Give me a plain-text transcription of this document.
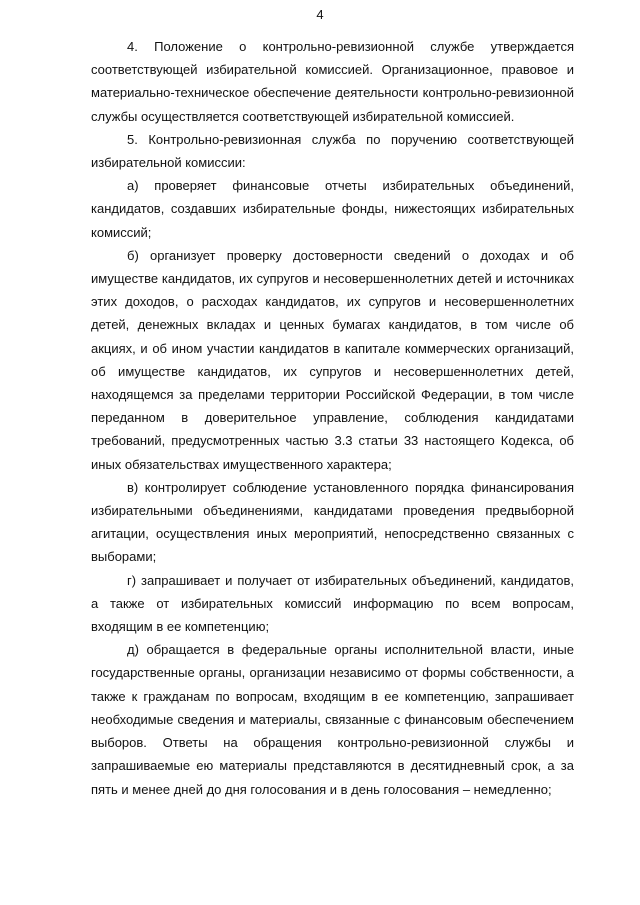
4

4. Положение о контрольно-ревизионной службе утверждается соответствующей избирательной комиссией. Организационное, правовое и материально-техническое обеспечение деятельности контрольно-ревизионной службы осуществляется соответствующей избирательной комиссией.

5. Контрольно-ревизионная служба по поручению соответствующей избирательной комиссии:

а) проверяет финансовые отчеты избирательных объединений, кандидатов, создавших избирательные фонды, нижестоящих избирательных комиссий;

б) организует проверку достоверности сведений о доходах и об имуществе кандидатов, их супругов и несовершеннолетних детей и источниках этих доходов, о расходах кандидатов, их супругов и несовершеннолетних детей, денежных вкладах и ценных бумагах кандидатов, в том числе об акциях, и об ином участии кандидатов в капитале коммерческих организаций, об имуществе кандидатов, их супругов и несовершеннолетних детей, находящемся за пределами территории Российской Федерации, в том числе переданном в доверительное управление, соблюдения кандидатами требований, предусмотренных частью 3.3 статьи 33 настоящего Кодекса, об иных обязательствах имущественного характера;

в) контролирует соблюдение установленного порядка финансирования избирательными объединениями, кандидатами проведения предвыборной агитации, осуществления иных мероприятий, непосредственно связанных с выборами;

г) запрашивает и получает от избирательных объединений, кандидатов, а также от избирательных комиссий информацию по всем вопросам, входящим в ее компетенцию;

д) обращается в федеральные органы исполнительной власти, иные государственные органы, организации независимо от формы собственности, а также к гражданам по вопросам, входящим в ее компетенцию, запрашивает необходимые сведения и материалы, связанные с финансовым обеспечением выборов. Ответы на обращения контрольно-ревизионной службы и запрашиваемые ею материалы представляются в десятидневный срок, а за пять и менее дней до дня голосования и в день голосования – немедленно;
